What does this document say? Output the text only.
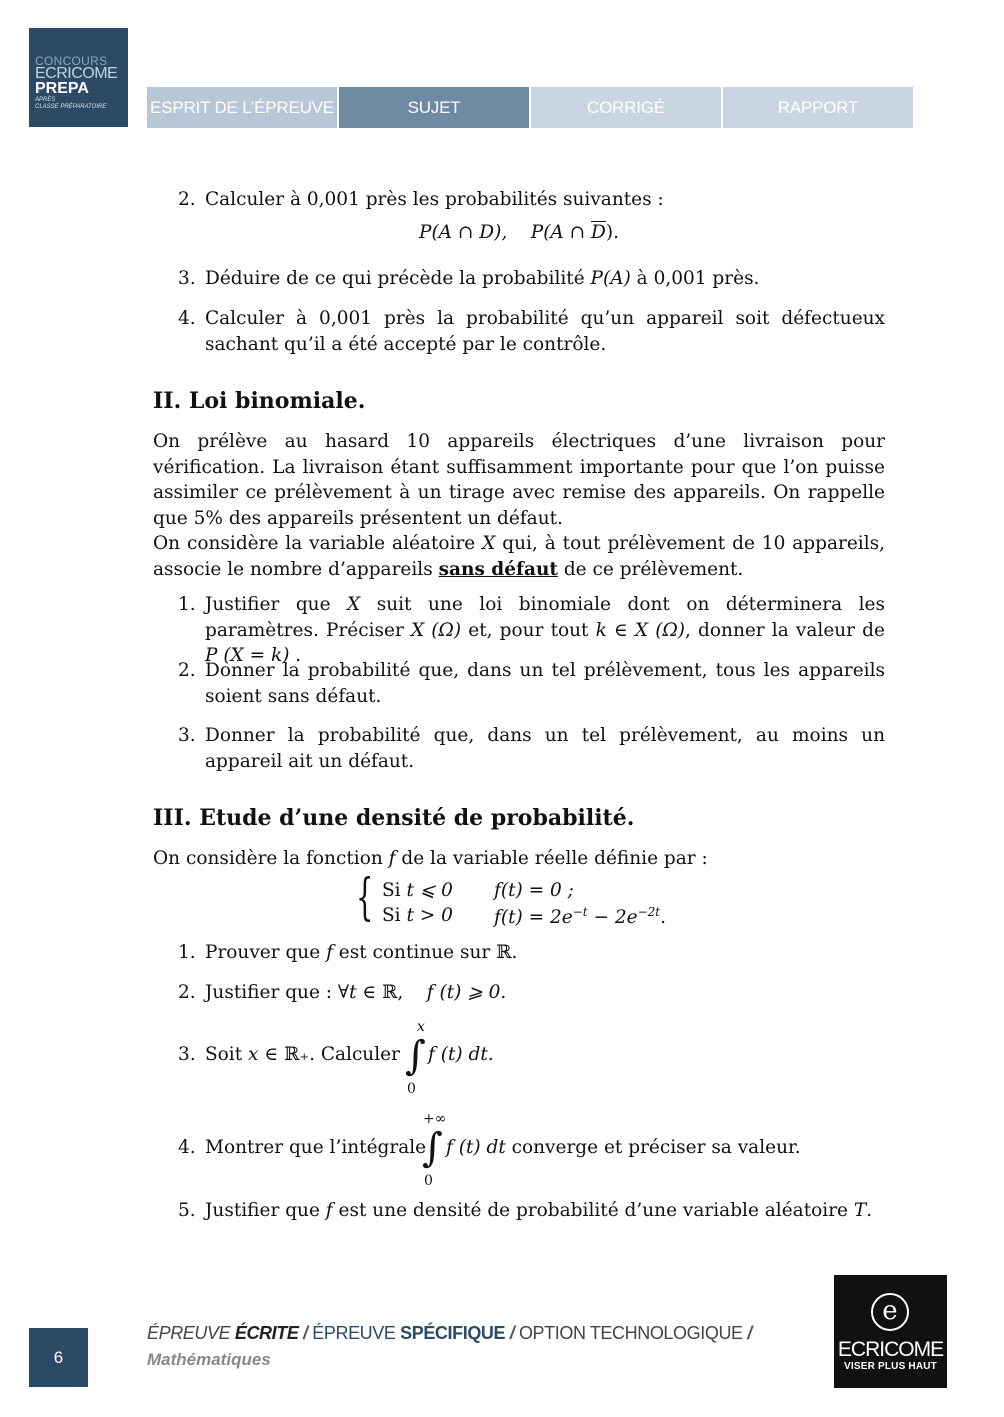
CONCOURS
ECRICOME
PREPA
APRÈS
CLASSE PRÉPARATOIRE	ESPRIT DE L’ÉPREUVE	SUJET	CORRIGÉ	RAPPORT
2. Calculer à 0,001 près les probabilités suivantes :
P(A ∩ D), P(A ∩ $\overline{D}$).
3. Déduire de ce qui précède la probabilité P(A) à 0,001 près.
4. Calculer à 0,001 près la probabilité qu’un appareil soit défectueux sachant qu’il a été accepté par le contrôle.
II. Loi binomiale.
On prélève au hasard 10 appareils électriques d’une livraison pour vérification. La livraison étant suffisamment importante pour que l’on puisse assimiler ce prélèvement à un tirage avec remise des appareils. On rappelle que 5% des appareils présentent un défaut.
On considère la variable aléatoire X qui, à tout prélèvement de 10 appareils, associe le nombre d’appareils sans défaut de ce prélèvement.
1. Justifier que X suit une loi binomiale dont on déterminera les paramètres. Préciser X (Ω) et, pour tout k ∈ X (Ω), donner la valeur de P (X = k) .
2. Donner la probabilité que, dans un tel prélèvement, tous les appareils soient sans défaut.
3. Donner la probabilité que, dans un tel prélèvement, au moins un appareil ait un défaut.
III. Etude d’une densité de probabilité.
On considère la fonction f de la variable réelle définie par :
{ Si t ⩽ 0 f(t) = 0 ;
Si t > 0 $f(t) = 2e^{-t} - 2e^{-2t}$.
1. Prouver que f est continue sur ℝ.
2. Justifier que : ∀t ∈ ℝ, f (t) ⩾ 0.
3. Soit x ∈ ℝ₊. Calculer
x
∫
0
f (t) dt.
4. Montrer que l’intégrale
+∞
∫
0
f (t) dt converge et préciser sa valeur.
5. Justifier que f est une densité de probabilité d’une variable aléatoire T.
6
ÉPREUVE ÉCRITE / ÉPREUVE SPÉCIFIQUE / OPTION TECHNOLOGIQUE /
Mathématiques
e
ECRICOME
VISER PLUS HAUT
